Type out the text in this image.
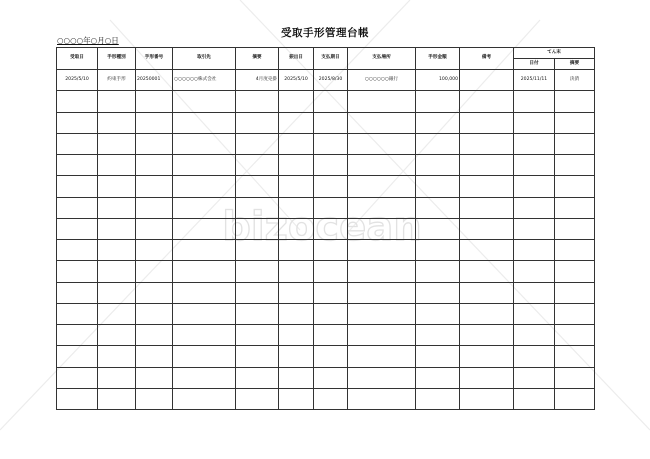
bizocean
受取手形管理台帳
○○○○年○月○日
受取日	手形種別	手形番号	取引先	摘要	振出日	支払期日	支払場所	手形金額	備考	てん末	
										日付	摘要
2025/5/10	約束手形	20250001	○○○○○○株式会社	4月度売掛	2025/5/10	2025/8/30	○○○○○○銀行	100,000		2025/11/11	決済
